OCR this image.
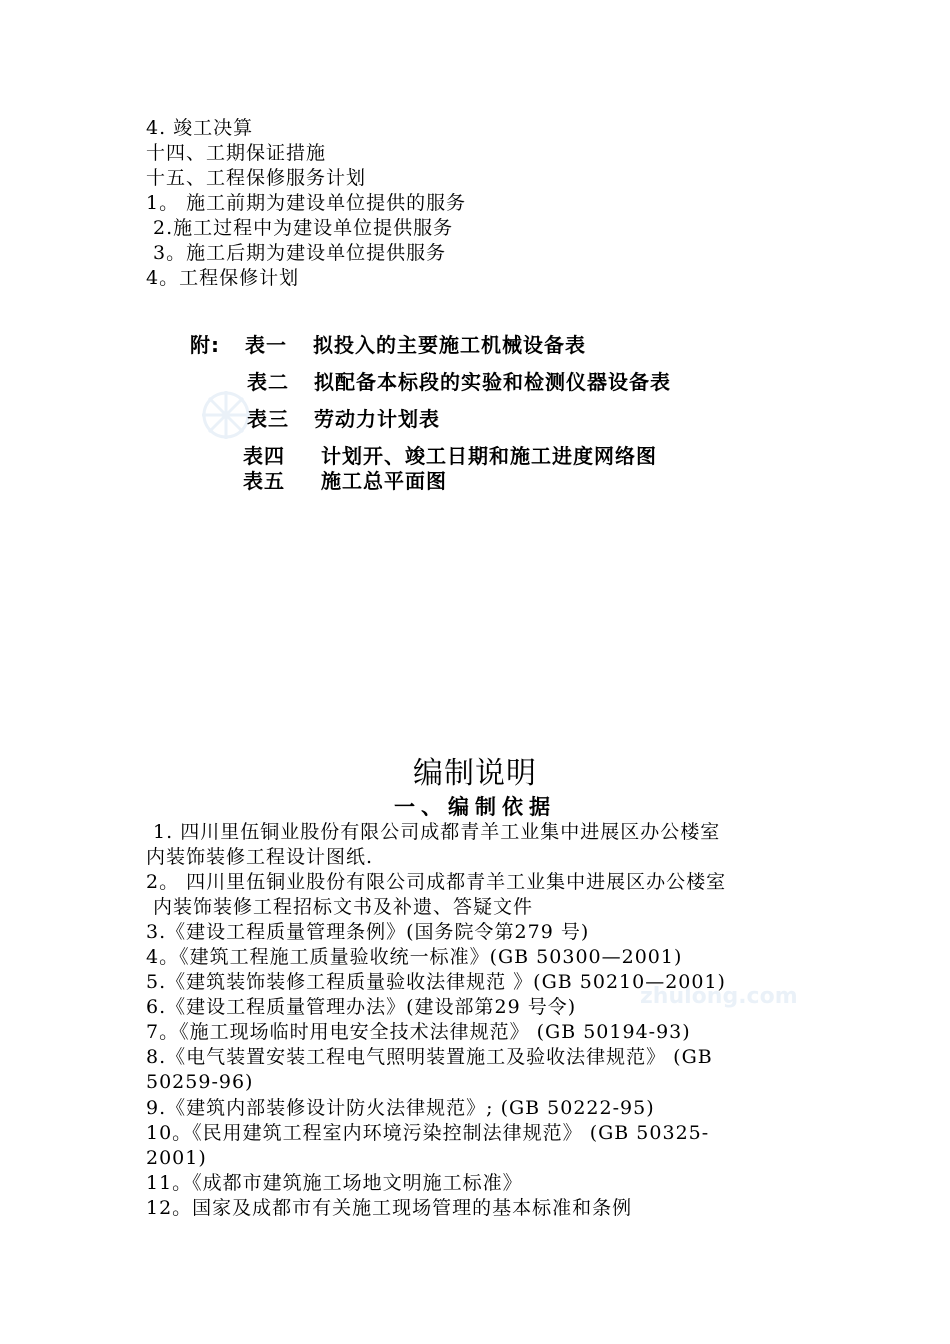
4. 竣工决算
十四、工期保证措施
十五、工程保修服务计划
1。 施工前期为建设单位提供的服务
2.施工过程中为建设单位提供服务
3。施工后期为建设单位提供服务
4。工程保修计划
附: 表一 拟投入的主要施工机械设备表
表二 拟配备本标段的实验和检测仪器设备表
表三 劳动力计划表
表四 计划开、竣工日期和施工进度网络图
表五 施工总平面图
编制说明
一、编制依据
zhulong.com
1. 四川里伍铜业股份有限公司成都青羊工业集中进展区办公楼室
内装饰装修工程设计图纸.
2。 四川里伍铜业股份有限公司成都青羊工业集中进展区办公楼室
内装饰装修工程招标文书及补遗、答疑文件
3.《建设工程质量管理条例》(国务院令第279 号)
4。《建筑工程施工质量验收统一标准》(GB 50300—2001)
5.《建筑装饰装修工程质量验收法律规范 》(GB 50210—2001)
6.《建设工程质量管理办法》(建设部第29 号令)
7。《施工现场临时用电安全技术法律规范》 (GB 50194-93)
8.《电气装置安装工程电气照明装置施工及验收法律规范》 (GB
50259-96)
9.《建筑内部装修设计防火法律规范》; (GB 50222-95)
10。《民用建筑工程室内环境污染控制法律规范》 (GB 50325-
2001)
11。《成都市建筑施工场地文明施工标准》
12。国家及成都市有关施工现场管理的基本标准和条例
